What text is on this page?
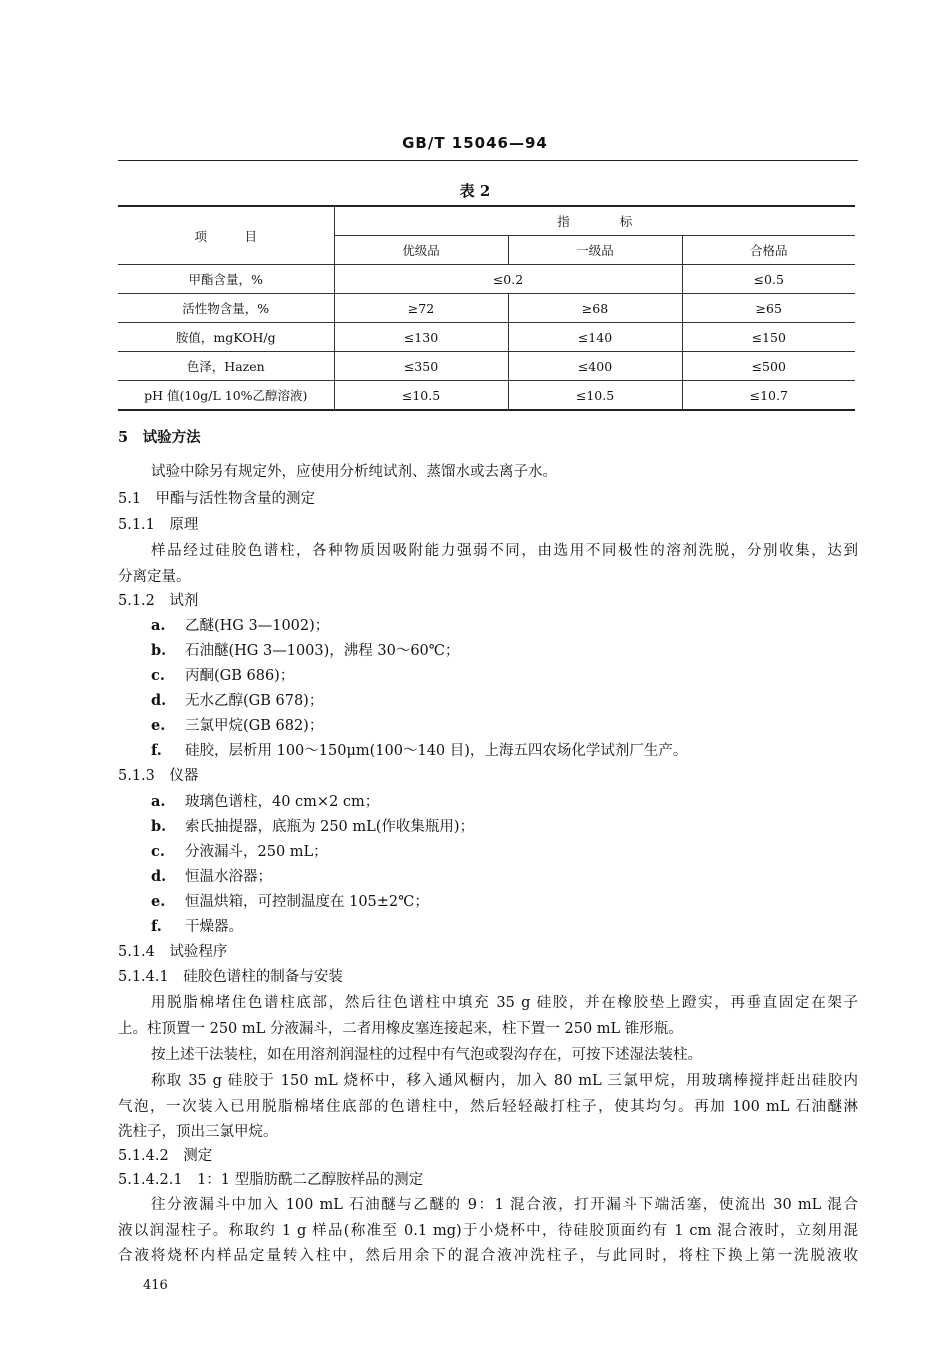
GB/T 15046—94
表 2
项　　　目	指　　　　标		
	优级品	一级品	合格品
甲酯含量，%	≤0.2		≤0.5
活性物含量，%	≥72	≥68	≥65
胺值，mgKOH/g	≤130	≤140	≤150
色泽，Hazen	≤350	≤400	≤500
pH 值(10g/L 10%乙醇溶液)	≤10.5	≤10.5	≤10.7
5　试验方法
试验中除另有规定外，应使用分析纯试剂、蒸馏水或去离子水。
5.1　甲酯与活性物含量的测定
5.1.1　原理
样品经过硅胶色谱柱，各种物质因吸附能力强弱不同，由选用不同极性的溶剂洗脱，分别收集，达到
分离定量。
5.1.2　试剂
a. 乙醚(HG 3—1002)；
b. 石油醚(HG 3—1003)，沸程 30～60℃；
c. 丙酮(GB 686)；
d. 无水乙醇(GB 678)；
e. 三氯甲烷(GB 682)；
f. 硅胶，层析用 100～150μm(100～140 目)，上海五四农场化学试剂厂生产。
5.1.3　仪器
a. 玻璃色谱柱，40 cm×2 cm；
b. 索氏抽提器，底瓶为 250 mL(作收集瓶用)；
c. 分液漏斗，250 mL；
d. 恒温水浴器；
e. 恒温烘箱，可控制温度在 105±2℃；
f. 干燥器。
5.1.4　试验程序
5.1.4.1　硅胶色谱柱的制备与安装
用脱脂棉堵住色谱柱底部，然后往色谱柱中填充 35 g 硅胶，并在橡胶垫上蹬实，再垂直固定在架子
上。柱顶置一 250 mL 分液漏斗，二者用橡皮塞连接起来，柱下置一 250 mL 锥形瓶。
按上述干法装柱，如在用溶剂润湿柱的过程中有气泡或裂沟存在，可按下述湿法装柱。
称取 35 g 硅胶于 150 mL 烧杯中，移入通风橱内，加入 80 mL 三氯甲烷，用玻璃棒搅拌赶出硅胶内
气泡，一次装入已用脱脂棉堵住底部的色谱柱中，然后轻轻敲打柱子，使其均匀。再加 100 mL 石油醚淋
洗柱子，顶出三氯甲烷。
5.1.4.2　测定
5.1.4.2.1　1：1 型脂肪酰二乙醇胺样品的测定
往分液漏斗中加入 100 mL 石油醚与乙醚的 9：1 混合液，打开漏斗下端活塞，使流出 30 mL 混合
液以润湿柱子。称取约 1 g 样品(称准至 0.1 mg)于小烧杯中，待硅胶顶面约有 1 cm 混合液时，立刻用混
合液将烧杯内样品定量转入柱中，然后用余下的混合液冲洗柱子，与此同时，将柱下换上第一洗脱液收
416
